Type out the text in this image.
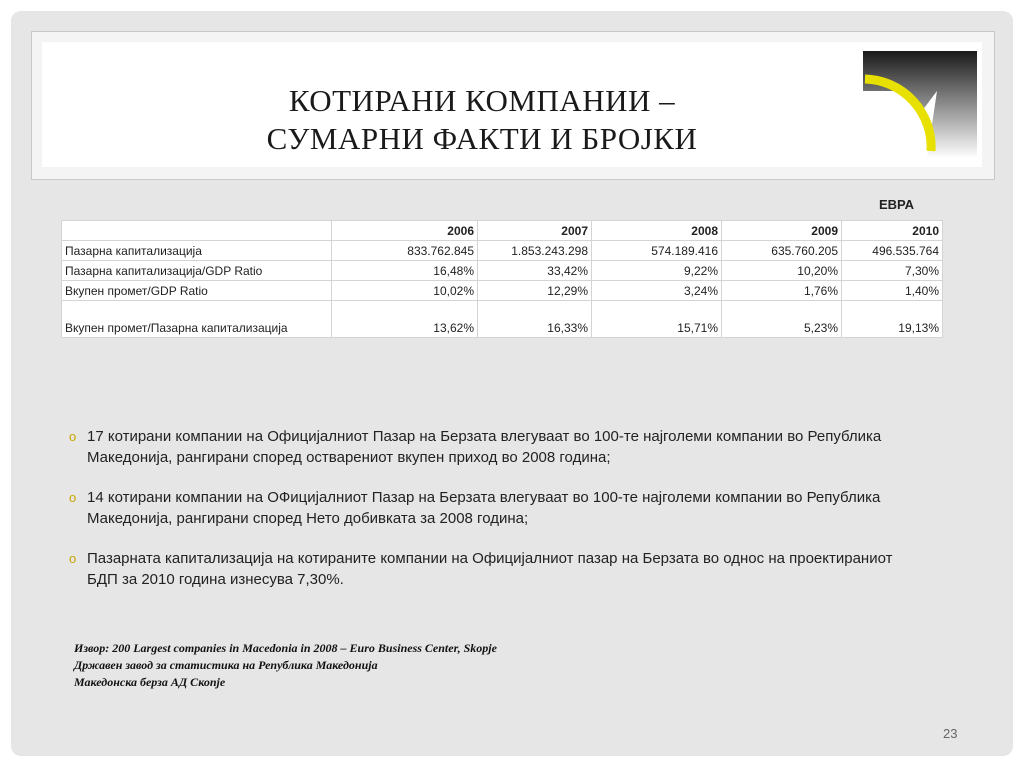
КОТИРАНИ КОМПАНИИ –
СУМАРНИ ФАКТИ И БРОЈКИ
ЕВРА
	2006	2007	2008	2009	2010
Пазарна капитализација	833.762.845	1.853.243.298	574.189.416	635.760.205	496.535.764
Пазарна капитализација/GDP Ratio	16,48%	33,42%	9,22%	10,20%	7,30%
Вкупен промет/GDP Ratio	10,02%	12,29%	3,24%	1,76%	1,40%
Вкупен промет/Пазарна капитализација	13,62%	16,33%	15,71%	5,23%	19,13%
o 17 котирани компании на Официјалниот Пазар на Берзата влегуваат во 100-те најголеми компании во Република Македонија, рангирани според остварениот вкупен приход во 2008 година;
o 14 котирани компании на ОФицијалниот Пазар на Берзата влегуваат во 100-те најголеми компании во Република Македонија, рангирани според Нето добивката за 2008 година;
o Пазарната капитализација на котираните компании на Официјалниот пазар на Берзата во однос на проектираниот БДП за 2010 година изнесува 7,30%.
Извор: 200 Largest companies in Macedonia in 2008 – Euro Business Center, Skopje
Државен завод за статистика на Република Македонија
Македонска берза АД Скопје
23
